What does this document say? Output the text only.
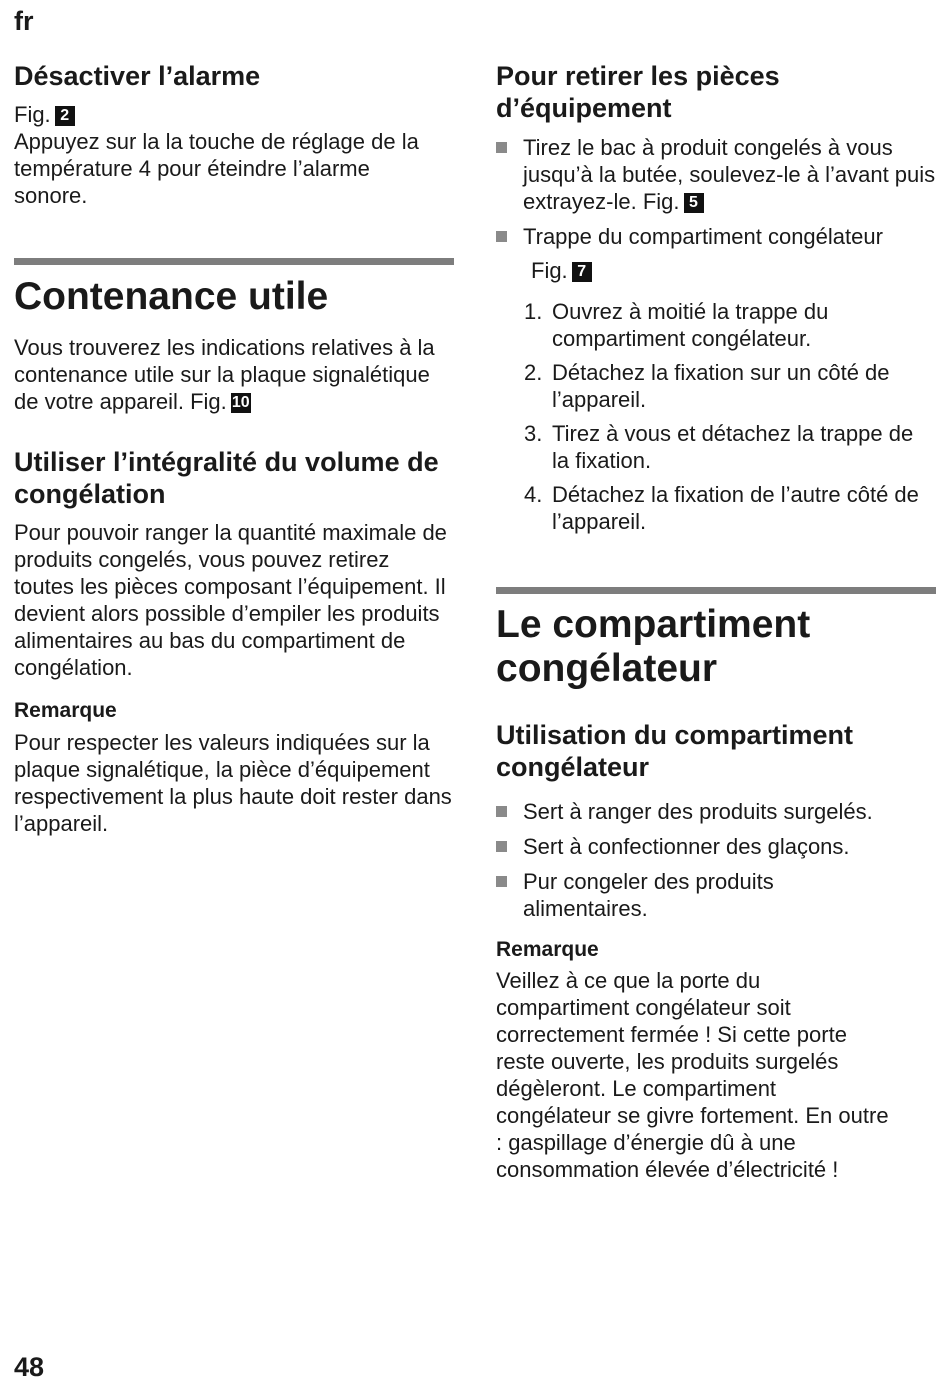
fr
Désactiver l’alarme

Fig. 2

Appuyez sur la la touche de réglage de la température 4 pour éteindre l’alarme sonore.

Contenance utile

Vous trouverez les indications relatives à la contenance utile sur la plaque signalétique de votre appareil. Fig. 10

Utiliser l’intégralité du volume de congélation

Pour pouvoir ranger la quantité maximale de produits congelés, vous pouvez retirez toutes les pièces composant l’équipement. Il devient alors possible d’empiler les produits alimentaires au bas du compartiment de congélation.

Remarque

Pour respecter les valeurs indiquées sur la plaque signalétique, la pièce d’équipement respectivement la plus haute doit rester dans l’appareil.

Pour retirer les pièces d’équipement
Tirez le bac à produit congelés à vous jusqu’à la butée, soulevez-le à l’avant puis extrayez-le. Fig. 5
Trappe du compartiment congélateur

Fig. 7

1. Ouvrez à moitié la trappe du compartiment congélateur.
2. Détachez la fixation sur un côté de l’appareil.
3. Tirez à vous et détachez la trappe de la fixation.
4. Détachez la fixation de l’autre côté de l’appareil.
Le compartiment congélateur
Utilisation du compartiment congélateur
Sert à ranger des produits surgelés.
Sert à confectionner des glaçons.
Pur congeler des produits alimentaires.

Remarque

Veillez à ce que la porte du compartiment congélateur soit correctement fermée ! Si cette porte reste ouverte, les produits surgelés dégèleront. Le compartiment congélateur se givre fortement. En outre : gaspillage d’énergie dû à une consommation élevée d’électricité !

48
